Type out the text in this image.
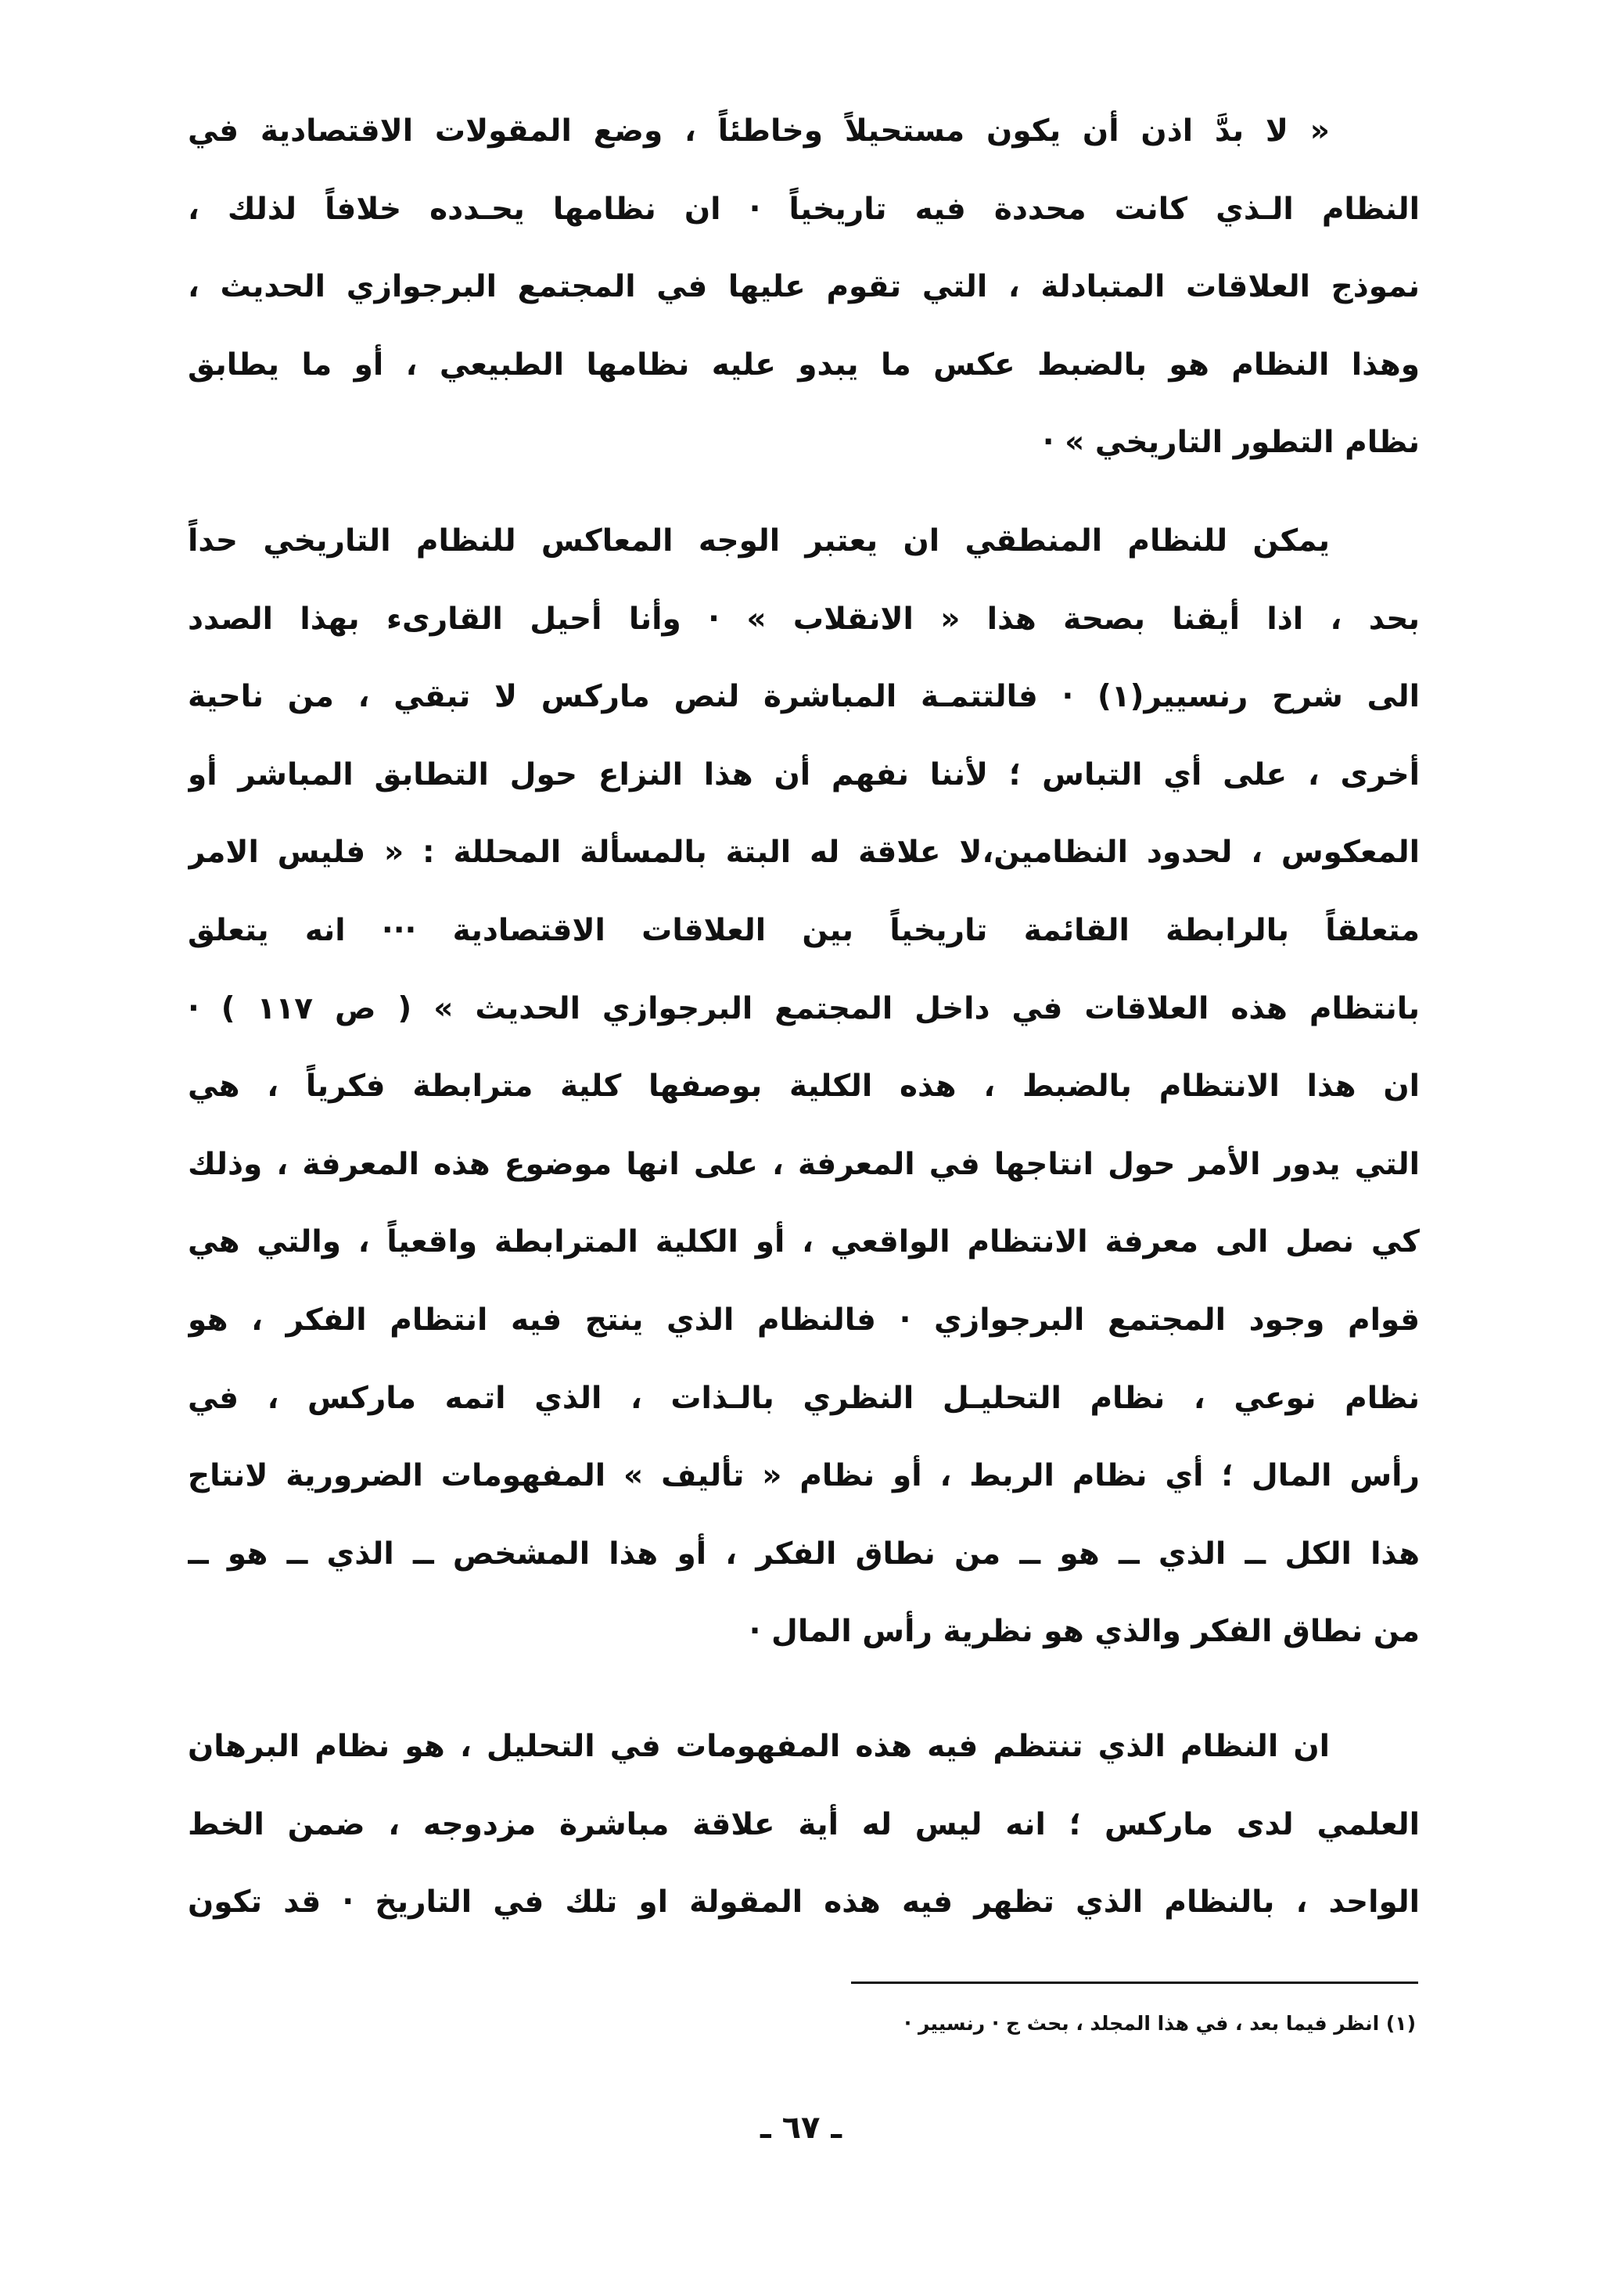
« لا بدَّ اذن أن يكون مستحيلاً وخاطئاً ، وضع المقولات الاقتصادية في
النظام الـذي كانت محددة فيه تاريخياً · ان نظامها يحـدده خلافاً لذلك ،
نموذج العلاقات المتبادلة ، التي تقوم عليها في المجتمع البرجوازي الحديث ،
وهذا النظام هو بالضبط عكس ما يبدو عليه نظامها الطبيعي ، أو ما يطابق
نظام التطور التاريخي » ·
يمكن للنظام المنطقي ان يعتبر الوجه المعاكس للنظام التاريخي حداً
بحد ، اذا أيقنا بصحة هذا « الانقلاب » · وأنا أحيل القارىء بهذا الصدد
الى شرح رنسيير(١) · فالتتمـة المباشرة لنص ماركس لا تبقي ، من ناحية
أخرى ، على أي التباس ؛ لأننا نفهم أن هذا النزاع حول التطابق المباشر أو
المعكوس ، لحدود النظامين،لا علاقة له البتة بالمسألة المحللة : « فليس الامر
متعلقاً بالرابطة القائمة تاريخياً بين العلاقات الاقتصادية ··· انه يتعلق
بانتظام هذه العلاقات في داخل المجتمع البرجوازي الحديث » ( ص ١١٧ ) ·
ان هذا الانتظام بالضبط ، هذه الكلية بوصفها كلية مترابطة فكرياً ، هي
التي يدور الأمر حول انتاجها في المعرفة ، على انها موضوع هذه المعرفة ، وذلك
كي نصل الى معرفة الانتظام الواقعي ، أو الكلية المترابطة واقعياً ، والتي هي
قوام وجود المجتمع البرجوازي · فالنظام الذي ينتج فيه انتظام الفكر ، هو
نظام نوعي ، نظام التحليـل النظري بالـذات ، الذي اتمه ماركس ، في
رأس المال ؛ أي نظام الربط ، أو نظام « تأليف » المفهومات الضرورية لانتاج
هذا الكل ــ الذي ــ هو ــ من نطاق الفكر ، أو هذا المشخص ــ الذي ــ هو ــ
من نطاق الفكر والذي هو نظرية رأس المال ·
ان النظام الذي تنتظم فيه هذه المفهومات في التحليل ، هو نظام البرهان
العلمي لدى ماركس ؛ انه ليس له أية علاقة مباشرة مزدوجه ، ضمن الخط
الواحد ، بالنظام الذي تظهر فيه هذه المقولة او تلك في التاريخ · قد تكون
(١) انظر فيما بعد ، في هذا المجلد ، بحث ج · رنسيير ·
ـ ٦٧ ـ
